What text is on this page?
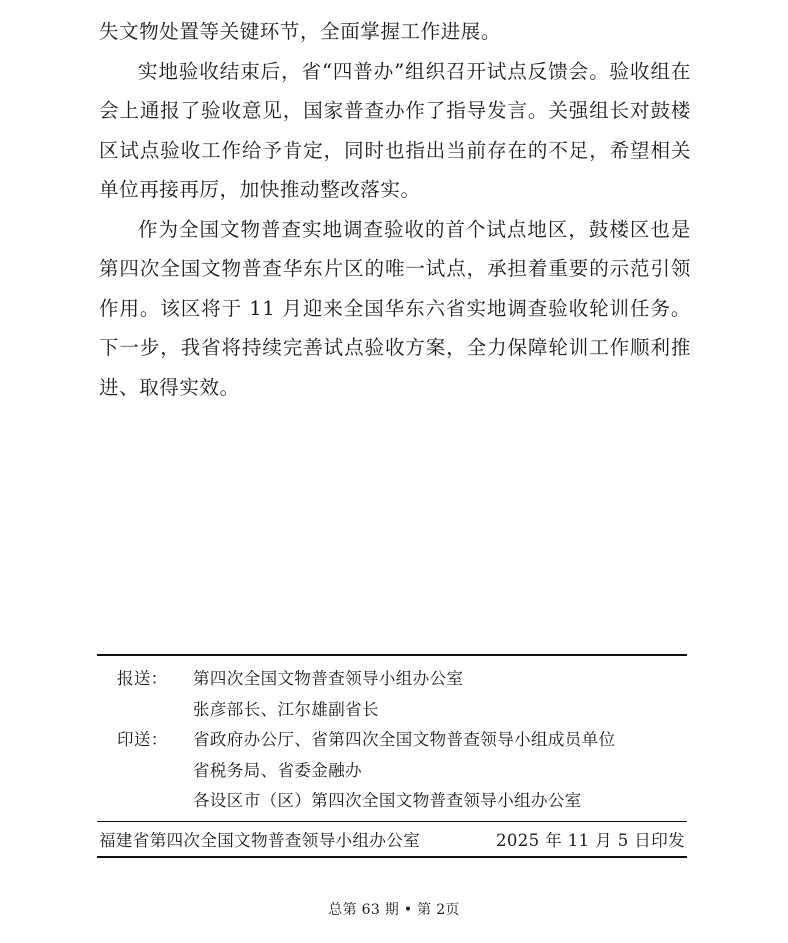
失文物处置等关键环节，全面掌握工作进展。

实地验收结束后，省“四普办”组织召开试点反馈会。验收组在会上通报了验收意见，国家普查办作了指导发言。关强组长对鼓楼区试点验收工作给予肯定，同时也指出当前存在的不足，希望相关单位再接再厉，加快推动整改落实。

作为全国文物普查实地调查验收的首个试点地区，鼓楼区也是第四次全国文物普查华东片区的唯一试点，承担着重要的示范引领作用。该区将于 11 月迎来全国华东六省实地调查验收轮训任务。下一步，我省将持续完善试点验收方案，全力保障轮训工作顺利推进、取得实效。

报送：	第四次全国文物普查领导小组办公室
张彦部长、江尔雄副省长
印送：	省政府办公厅、省第四次全国文物普查领导小组成员单位
省税务局、省委金融办
各设区市（区）第四次全国文物普查领导小组办公室
福建省第四次全国文物普查领导小组办公室	2025 年 11 月 5 日印发
总第 63 期 • 第 2页
